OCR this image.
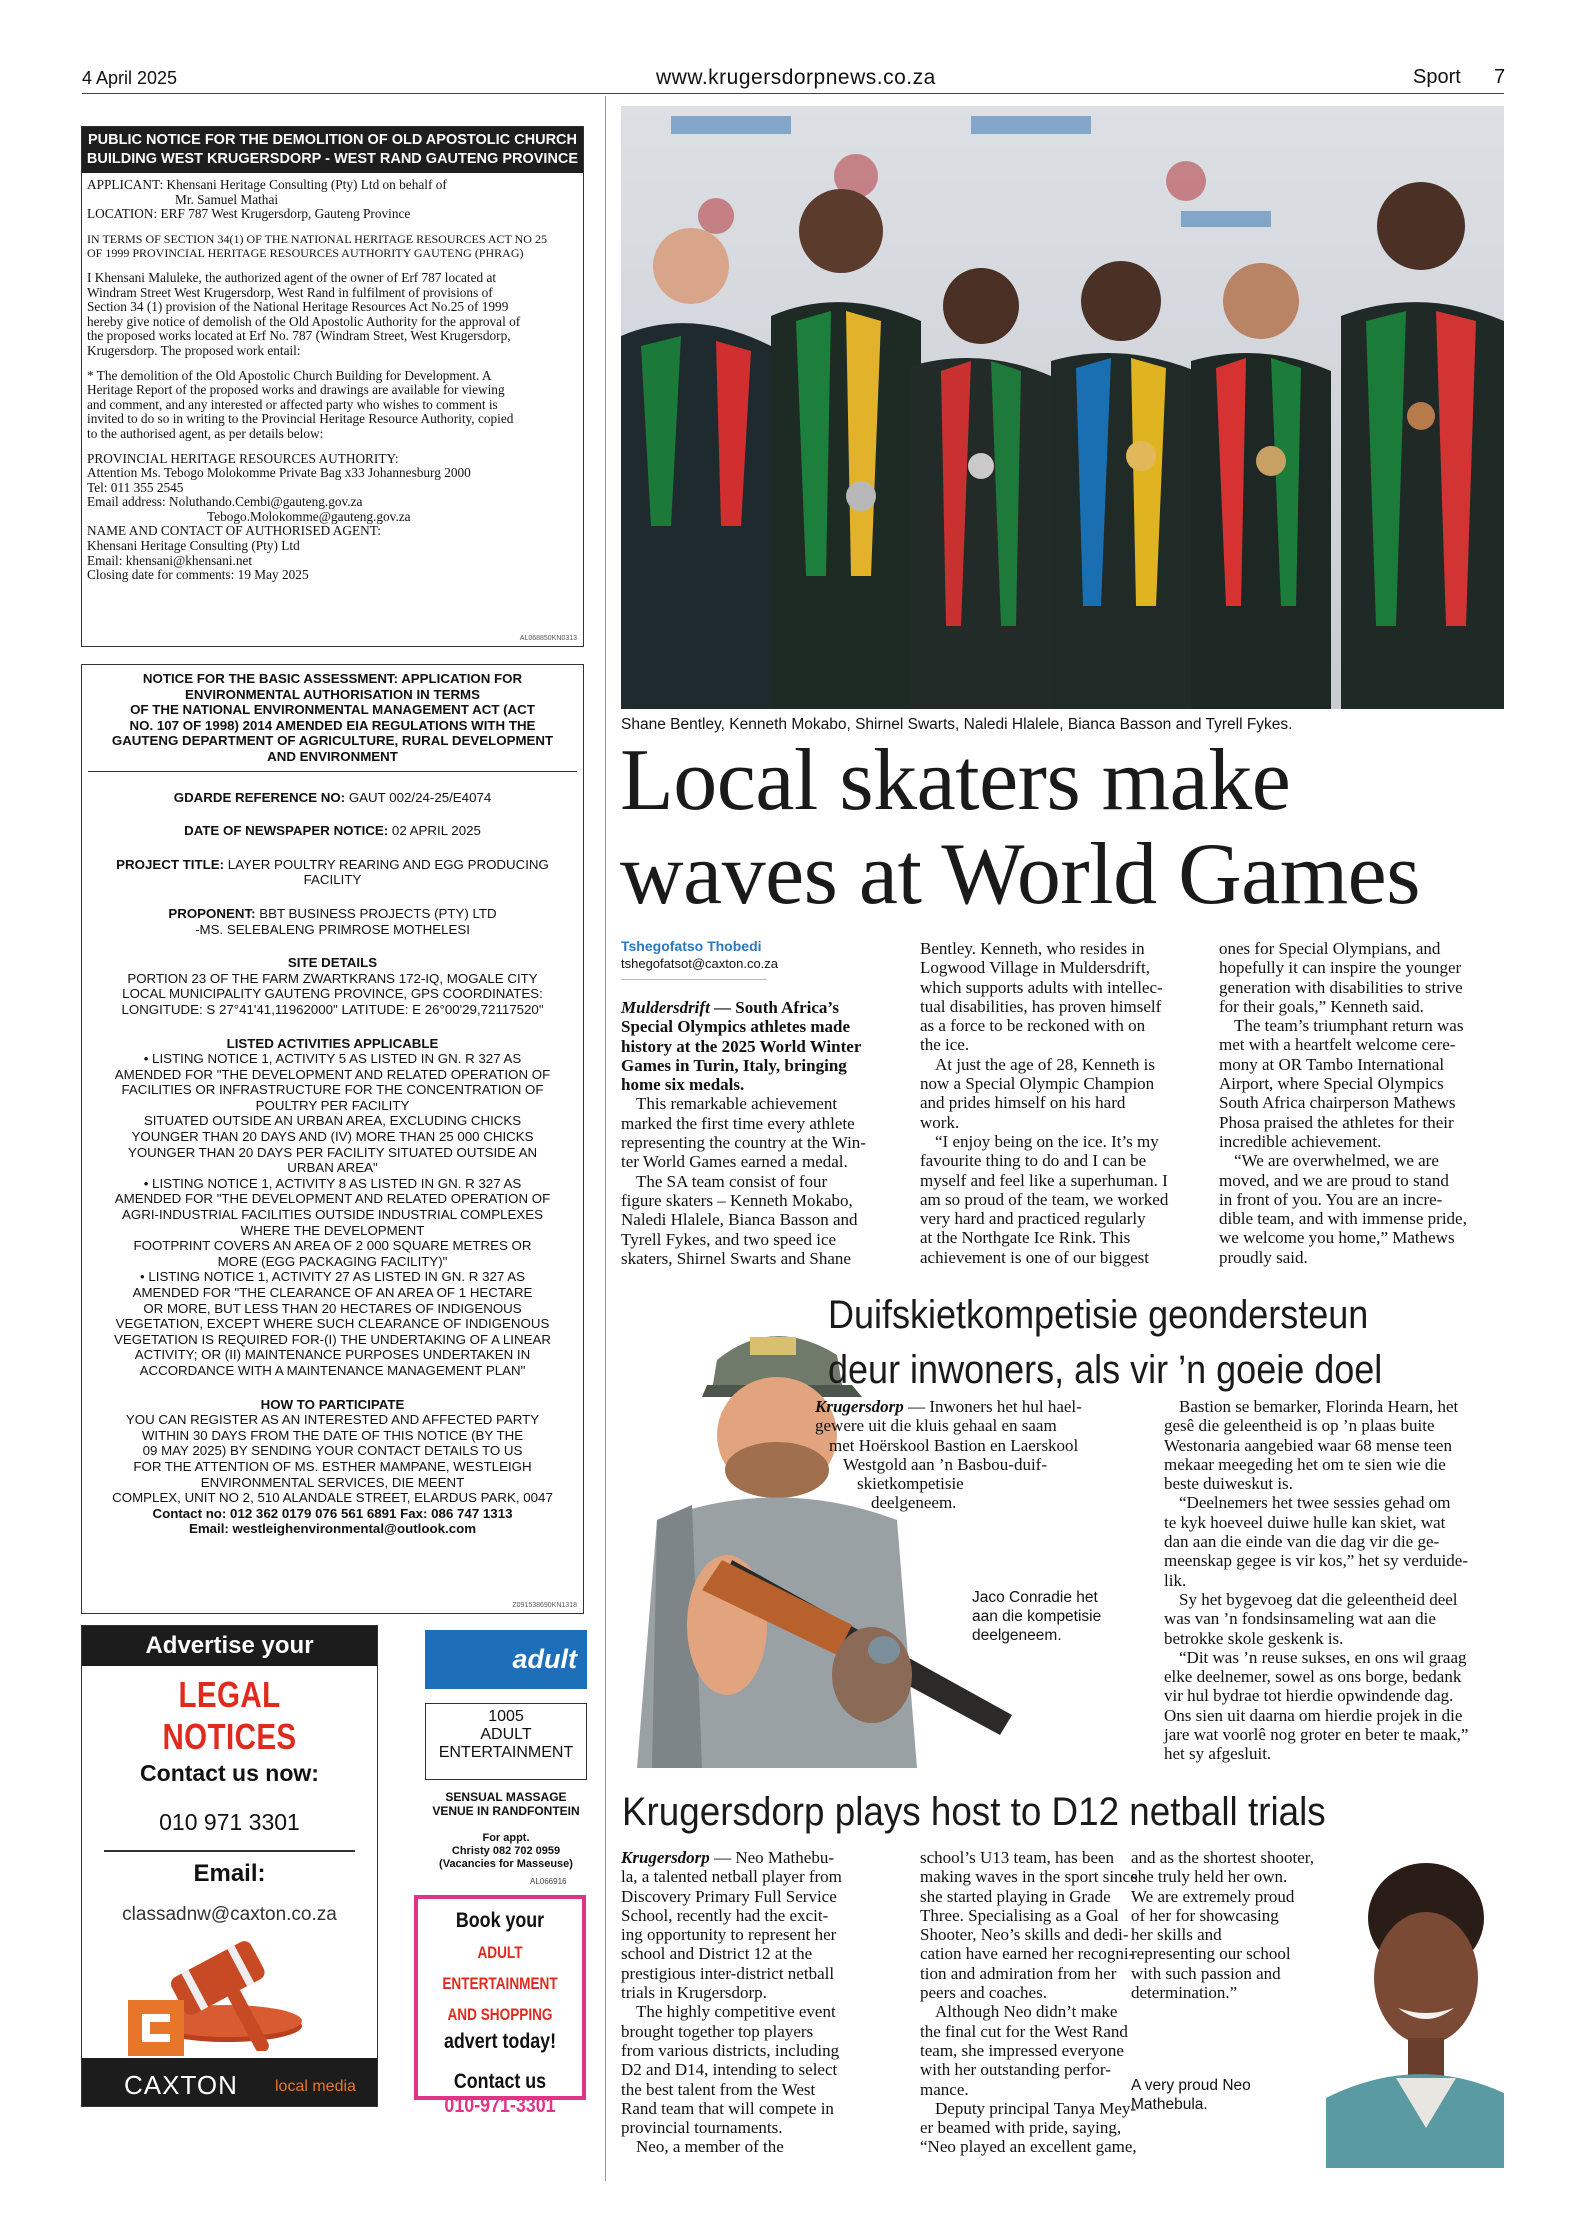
4 April 2025	www.krugersdorpnews.co.za	Sport 7
PUBLIC NOTICE FOR THE DEMOLITION OF OLD APOSTOLIC CHURCH
BUILDING WEST KRUGERSDORP - WEST RAND GAUTENG PROVINCE
APPLICANT: Khensani Heritage Consulting (Pty) Ltd on behalf of
Mr. Samuel Mathai
LOCATION: ERF 787 West Krugersdorp, Gauteng Province
IN TERMS OF SECTION 34(1) OF THE NATIONAL HERITAGE RESOURCES ACT NO 25
OF 1999 PROVINCIAL HERITAGE RESOURCES AUTHORITY GAUTENG (PHRAG)
I Khensani Maluleke, the authorized agent of the owner of Erf 787 located at
Windram Street West Krugersdorp, West Rand in fulfilment of provisions of
Section 34 (1) provision of the National Heritage Resources Act No.25 of 1999
hereby give notice of demolish of the Old Apostolic Authority for the approval of
the proposed works located at Erf No. 787 (Windram Street, West Krugersdorp,
Krugersdorp. The proposed work entail:
* The demolition of the Old Apostolic Church Building for Development. A
Heritage Report of the proposed works and drawings are available for viewing
and comment, and any interested or affected party who wishes to comment is
invited to do so in writing to the Provincial Heritage Resource Authority, copied
to the authorised agent, as per details below:
PROVINCIAL HERITAGE RESOURCES AUTHORITY:
Attention Ms. Tebogo Molokomme Private Bag x33 Johannesburg 2000
Tel: 011 355 2545
Email address: Noluthando.Cembi@gauteng.gov.za
Tebogo.Molokomme@gauteng.gov.za
NAME AND CONTACT OF AUTHORISED AGENT:
Khensani Heritage Consulting (Pty) Ltd
Email: khensani@khensani.net
Closing date for comments: 19 May 2025
AL068850KN0313
NOTICE FOR THE BASIC ASSESSMENT: APPLICATION FOR
ENVIRONMENTAL AUTHORISATION IN TERMS
OF THE NATIONAL ENVIRONMENTAL MANAGEMENT ACT (ACT
NO. 107 OF 1998) 2014 AMENDED EIA REGULATIONS WITH THE
GAUTENG DEPARTMENT OF AGRICULTURE, RURAL DEVELOPMENT
AND ENVIRONMENT
GDARDE REFERENCE NO: GAUT 002/24-25/E4074
DATE OF NEWSPAPER NOTICE: 02 APRIL 2025
PROJECT TITLE: LAYER POULTRY REARING AND EGG PRODUCING
FACILITY
PROPONENT: BBT BUSINESS PROJECTS (PTY) LTD
-MS. SELEBALENG PRIMROSE MOTHELESI
SITE DETAILS
PORTION 23 OF THE FARM ZWARTKRANS 172-IQ, MOGALE CITY
LOCAL MUNICIPALITY GAUTENG PROVINCE, GPS COORDINATES:
LONGITUDE: S 27°41'41,11962000" LATITUDE: E 26°00'29,72117520"
LISTED ACTIVITIES APPLICABLE
• LISTING NOTICE 1, ACTIVITY 5 AS LISTED IN GN. R 327 AS
AMENDED FOR "THE DEVELOPMENT AND RELATED OPERATION OF
FACILITIES OR INFRASTRUCTURE FOR THE CONCENTRATION OF
POULTRY PER FACILITY
SITUATED OUTSIDE AN URBAN AREA, EXCLUDING CHICKS
YOUNGER THAN 20 DAYS AND (IV) MORE THAN 25 000 CHICKS
YOUNGER THAN 20 DAYS PER FACILITY SITUATED OUTSIDE AN
URBAN AREA"
• LISTING NOTICE 1, ACTIVITY 8 AS LISTED IN GN. R 327 AS
AMENDED FOR "THE DEVELOPMENT AND RELATED OPERATION OF
AGRI-INDUSTRIAL FACILITIES OUTSIDE INDUSTRIAL COMPLEXES
WHERE THE DEVELOPMENT
FOOTPRINT COVERS AN AREA OF 2 000 SQUARE METRES OR
MORE (EGG PACKAGING FACILITY)"
• LISTING NOTICE 1, ACTIVITY 27 AS LISTED IN GN. R 327 AS
AMENDED FOR "THE CLEARANCE OF AN AREA OF 1 HECTARE
OR MORE, BUT LESS THAN 20 HECTARES OF INDIGENOUS
VEGETATION, EXCEPT WHERE SUCH CLEARANCE OF INDIGENOUS
VEGETATION IS REQUIRED FOR-(I) THE UNDERTAKING OF A LINEAR
ACTIVITY; OR (II) MAINTENANCE PURPOSES UNDERTAKEN IN
ACCORDANCE WITH A MAINTENANCE MANAGEMENT PLAN"
HOW TO PARTICIPATE
YOU CAN REGISTER AS AN INTERESTED AND AFFECTED PARTY
WITHIN 30 DAYS FROM THE DATE OF THIS NOTICE (BY THE
09 MAY 2025) BY SENDING YOUR CONTACT DETAILS TO US
FOR THE ATTENTION OF MS. ESTHER MAMPANE, WESTLEIGH
ENVIRONMENTAL SERVICES, DIE MEENT
COMPLEX, UNIT NO 2, 510 ALANDALE STREET, ELARDUS PARK, 0047
Contact no: 012 362 0179 076 561 6891 Fax: 086 747 1313
Email: westleighenvironmental@outlook.com
Z091538690KN1318
Advertise your
LEGAL NOTICES
Contact us now:
010 971 3301
Email:
classadnw@caxton.co.za
CAXTON local media
adult
1005
ADULT
ENTERTAINMENT
SENSUAL MASSAGE
VENUE IN RANDFONTEIN
For appt.
Christy 082 702 0959
(Vacancies for Masseuse)
AL066916
Book your
ADULT ENTERTAINMENT
AND SHOPPING
advert today!
Contact us
010-971-3301
Shane Bentley, Kenneth Mokabo, Shirnel Swarts, Naledi Hlalele, Bianca Basson and Tyrell Fykes.
Local skaters make
waves at World Games
Tshegofatso Thobedi
tshegofatsot@caxton.co.za
Muldersdrift — South Africa’s
Special Olympics athletes made
history at the 2025 World Winter
Games in Turin, Italy, bringing
home six medals.
This remarkable achievement
marked the first time every athlete
representing the country at the Win-
ter World Games earned a medal.
The SA team consist of four
figure skaters – Kenneth Mokabo,
Naledi Hlalele, Bianca Basson and
Tyrell Fykes, and two speed ice
skaters, Shirnel Swarts and Shane
Bentley. Kenneth, who resides in
Logwood Village in Muldersdrift,
which supports adults with intellec-
tual disabilities, has proven himself
as a force to be reckoned with on
the ice.
At just the age of 28, Kenneth is
now a Special Olympic Champion
and prides himself on his hard
work.
“I enjoy being on the ice. It’s my
favourite thing to do and I can be
myself and feel like a superhuman. I
am so proud of the team, we worked
very hard and practiced regularly
at the Northgate Ice Rink. This
achievement is one of our biggest
ones for Special Olympians, and
hopefully it can inspire the younger
generation with disabilities to strive
for their goals,” Kenneth said.
The team’s triumphant return was
met with a heartfelt welcome cere-
mony at OR Tambo International
Airport, where Special Olympics
South Africa chairperson Mathews
Phosa praised the athletes for their
incredible achievement.
“We are overwhelmed, we are
moved, and we are proud to stand
in front of you. You are an incre-
dible team, and with immense pride,
we welcome you home,” Mathews
proudly said.
Duifskietkompetisie geondersteun
deur inwoners, als vir ’n goeie doel
Krugersdorp — Inwoners het hul hael-
gewere uit die kluis gehaal en saam
met Hoërskool Bastion en Laerskool
Westgold aan ’n Basbou-duif-
skietkompetisie
deelgeneem.
Jaco Conradie het
aan die kompetisie
deelgeneem.
Bastion se bemarker, Florinda Hearn, het
gesê die geleentheid is op ’n plaas buite
Westonaria aangebied waar 68 mense teen
mekaar meegeding het om te sien wie die
beste duiweskut is.
“Deelnemers het twee sessies gehad om
te kyk hoeveel duiwe hulle kan skiet, wat
dan aan die einde van die dag vir die ge-
meenskap gegee is vir kos,” het sy verduide-
lik.
Sy het bygevoeg dat die geleentheid deel
was van ’n fondsinsameling wat aan die
betrokke skole geskenk is.
“Dit was ’n reuse sukses, en ons wil graag
elke deelnemer, sowel as ons borge, bedank
vir hul bydrae tot hierdie opwindende dag.
Ons sien uit daarna om hierdie projek in die
jare wat voorlê nog groter en beter te maak,”
het sy afgesluit.
Krugersdorp plays host to D12 netball trials
Krugersdorp — Neo Mathebu-
la, a talented netball player from
Discovery Primary Full Service
School, recently had the excit-
ing opportunity to represent her
school and District 12 at the
prestigious inter-district netball
trials in Krugersdorp.
The highly competitive event
brought together top players
from various districts, including
D2 and D14, intending to select
the best talent from the West
Rand team that will compete in
provincial tournaments.
Neo, a member of the
school’s U13 team, has been
making waves in the sport since
she started playing in Grade
Three. Specialising as a Goal
Shooter, Neo’s skills and dedi-
cation have earned her recogni-
tion and admiration from her
peers and coaches.
Although Neo didn’t make
the final cut for the West Rand
team, she impressed everyone
with her outstanding perfor-
mance.
Deputy principal Tanya Mey-
er beamed with pride, saying,
“Neo played an excellent game,
and as the shortest shooter,
she truly held her own.
We are extremely proud
of her for showcasing
her skills and
representing our school
with such passion and
determination.”
A very proud Neo
Mathebula.
